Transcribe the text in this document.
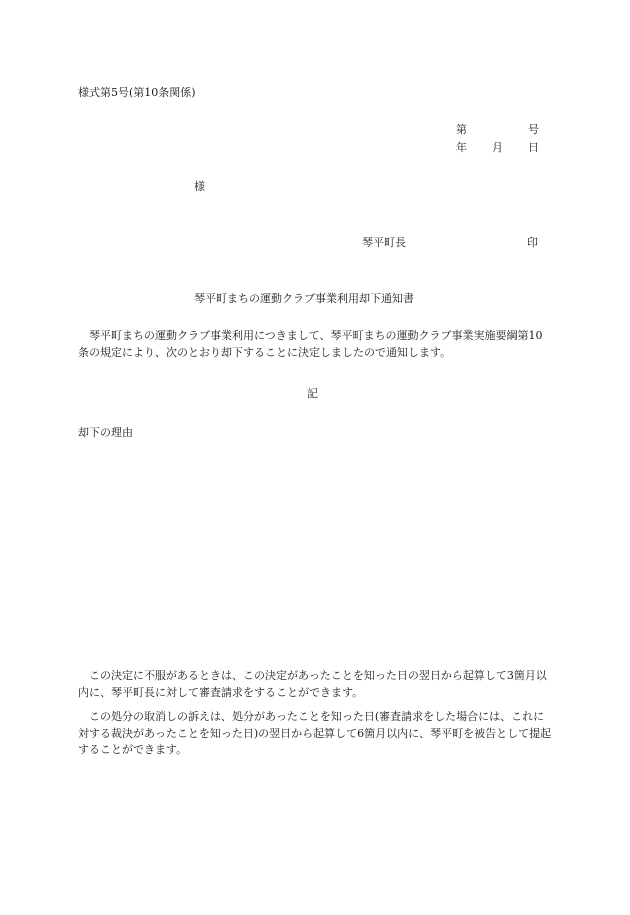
様式第5号(第10条関係)
第	号
年 月 日
様
琴平町長	印
琴平町まちの運動クラブ事業利用却下通知書
琴平町まちの運動クラブ事業利用につきまして、琴平町まちの運動クラブ事業実施要綱第10条の規定により、次のとおり却下することに決定しましたので通知します。
記
却下の理由
この決定に不服があるときは、この決定があったことを知った日の翌日から起算して3箇月以内に、琴平町長に対して審査請求をすることができます。
この処分の取消しの訴えは、処分があったことを知った日(審査請求をした場合には、これに対する裁決があったことを知った日)の翌日から起算して6箇月以内に、琴平町を被告として提起することができます。
